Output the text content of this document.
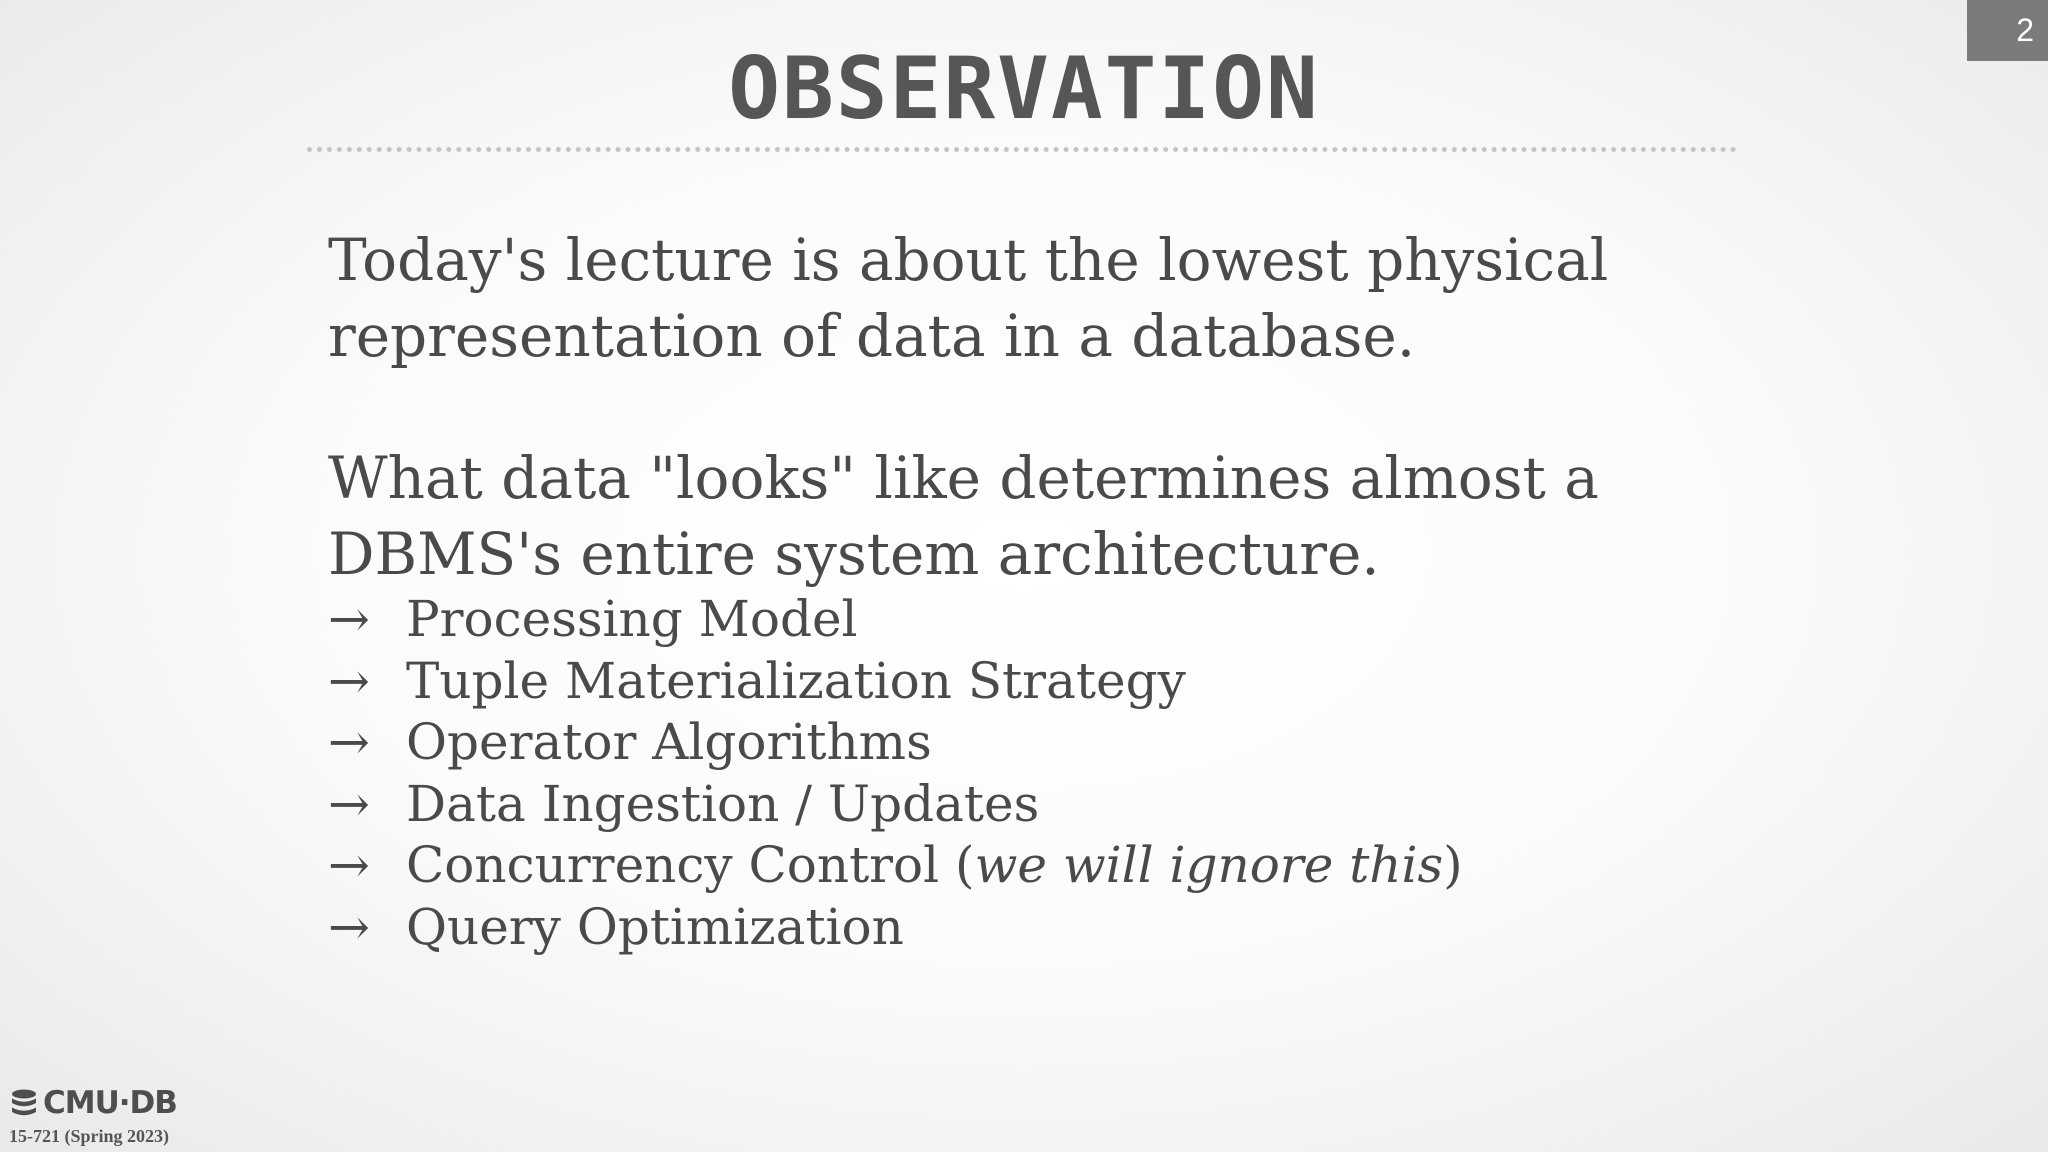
OBSERVATION
2

Today's lecture is about the lowest physical representation of data in a database.

What data "looks" like determines almost a DBMS's entire system architecture.

→ Processing Model
→ Tuple Materialization Strategy
→ Operator Algorithms
→ Data Ingestion / Updates
→ Concurrency Control (we will ignore this)
→ Query Optimization
CMU·DB
15-721 (Spring 2023)
